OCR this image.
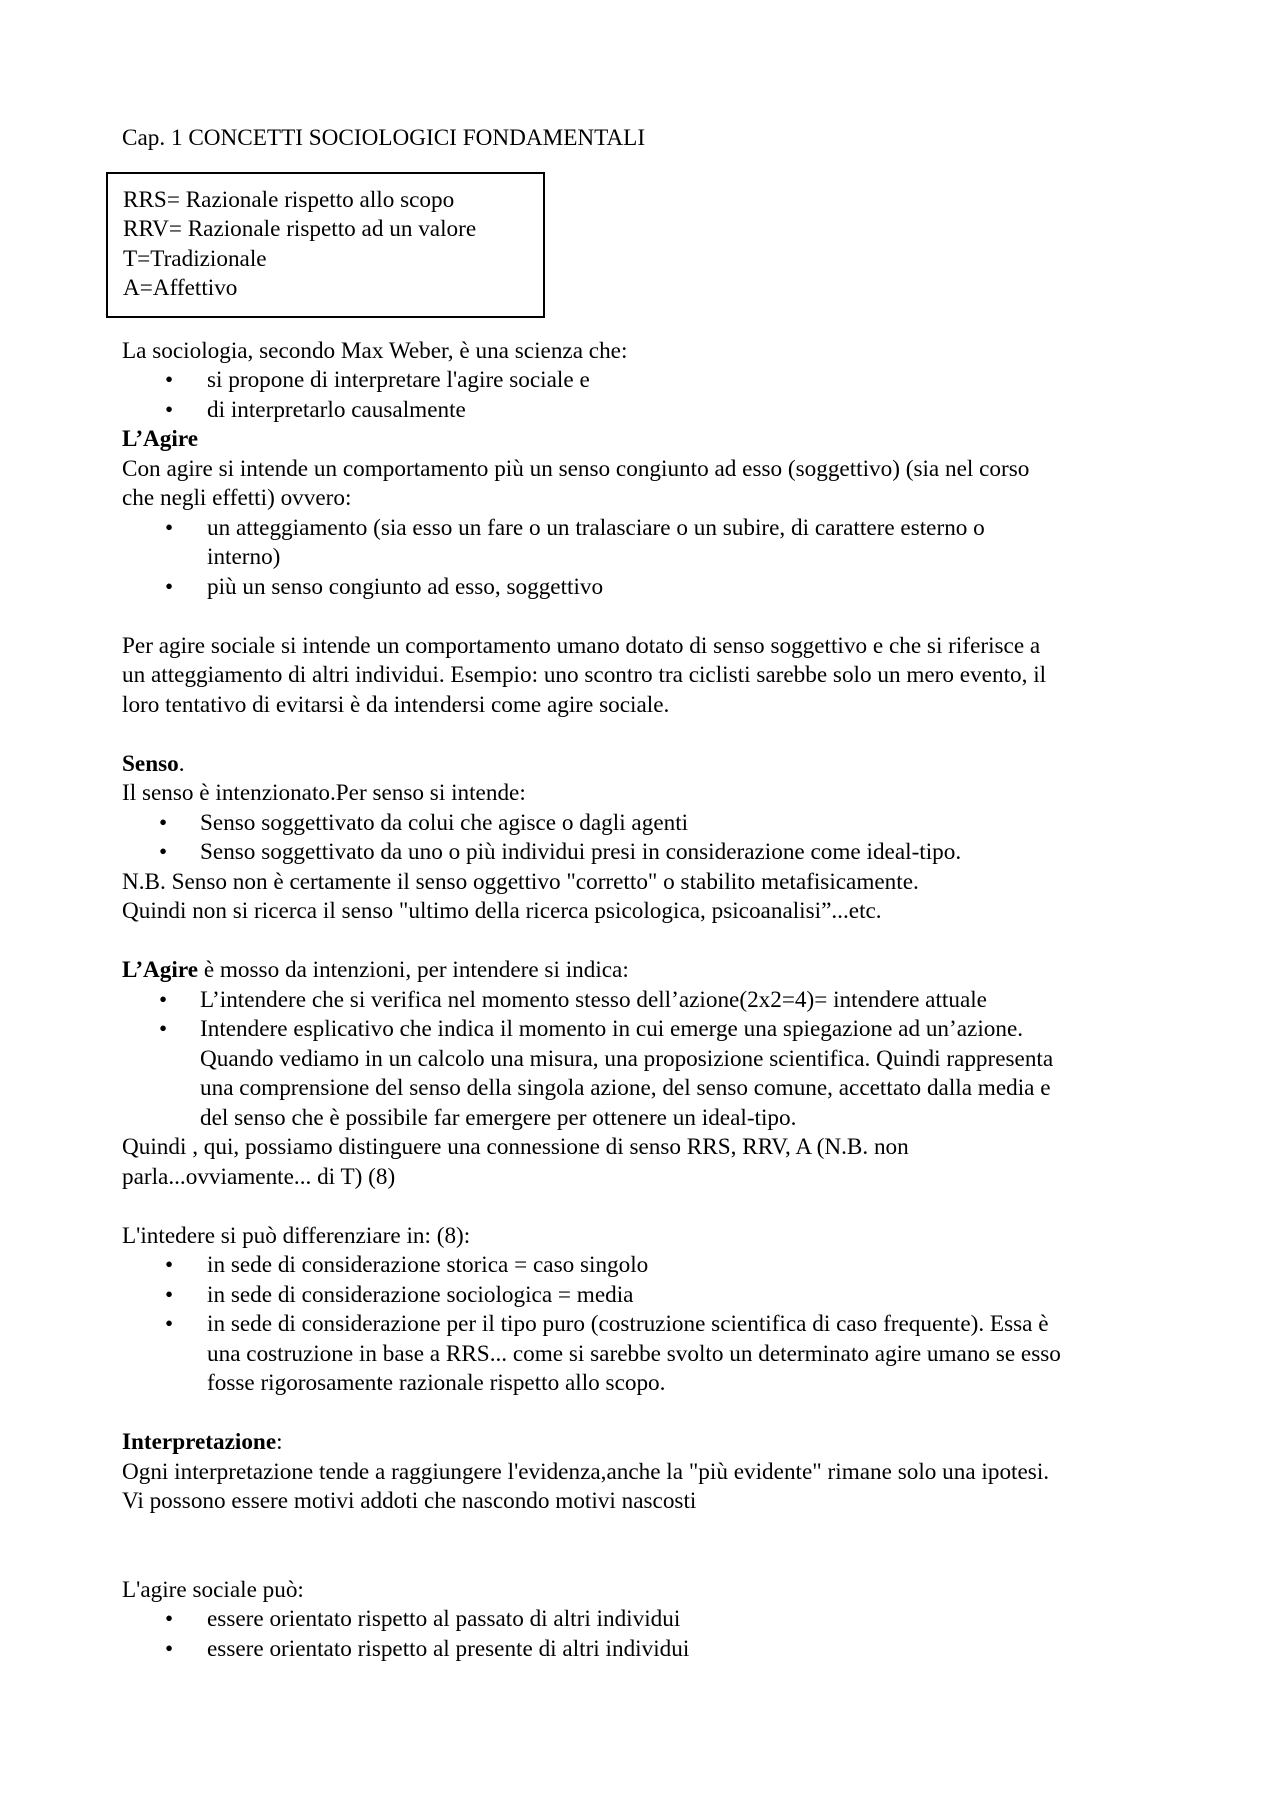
Cap. 1 CONCETTI SOCIOLOGICI FONDAMENTALI
RRS= Razionale rispetto allo scopo
RRV= Razionale rispetto ad un valore
T=Tradizionale
A=Affettivo
La sociologia, secondo Max Weber, è una scienza che:
• si propone di interpretare l'agire sociale e
• di interpretarlo causalmente
L’Agire
Con agire si intende un comportamento più un senso congiunto ad esso (soggettivo) (sia nel corso
che negli effetti) ovvero:
• un atteggiamento (sia esso un fare o un tralasciare o un subire, di carattere esterno o
interno)
• più un senso congiunto ad esso, soggettivo
Per agire sociale si intende un comportamento umano dotato di senso soggettivo e che si riferisce a
un atteggiamento di altri individui. Esempio: uno scontro tra ciclisti sarebbe solo un mero evento, il
loro tentativo di evitarsi è da intendersi come agire sociale.
Senso.
Il senso è intenzionato.Per senso si intende:
• Senso soggettivato da colui che agisce o dagli agenti
• Senso soggettivato da uno o più individui presi in considerazione come ideal-tipo.
N.B. Senso non è certamente il senso oggettivo "corretto" o stabilito metafisicamente.
Quindi non si ricerca il senso "ultimo della ricerca psicologica, psicoanalisi”...etc.
L’Agire è mosso da intenzioni, per intendere si indica:
• L’intendere che si verifica nel momento stesso dell’azione(2x2=4)= intendere attuale
• Intendere esplicativo che indica il momento in cui emerge una spiegazione ad un’azione.
Quando vediamo in un calcolo una misura, una proposizione scientifica. Quindi rappresenta
una comprensione del senso della singola azione, del senso comune, accettato dalla media e
del senso che è possibile far emergere per ottenere un ideal-tipo.
Quindi , qui, possiamo distinguere una connessione di senso RRS, RRV, A (N.B. non
parla...ovviamente... di T) (8)
L'intedere si può differenziare in: (8):
• in sede di considerazione storica = caso singolo
• in sede di considerazione sociologica = media
• in sede di considerazione per il tipo puro (costruzione scientifica di caso frequente). Essa è
una costruzione in base a RRS... come si sarebbe svolto un determinato agire umano se esso
fosse rigorosamente razionale rispetto allo scopo.
Interpretazione:
Ogni interpretazione tende a raggiungere l'evidenza,anche la "più evidente" rimane solo una ipotesi.
Vi possono essere motivi addoti che nascondo motivi nascosti
L'agire sociale può:
• essere orientato rispetto al passato di altri individui
• essere orientato rispetto al presente di altri individui
